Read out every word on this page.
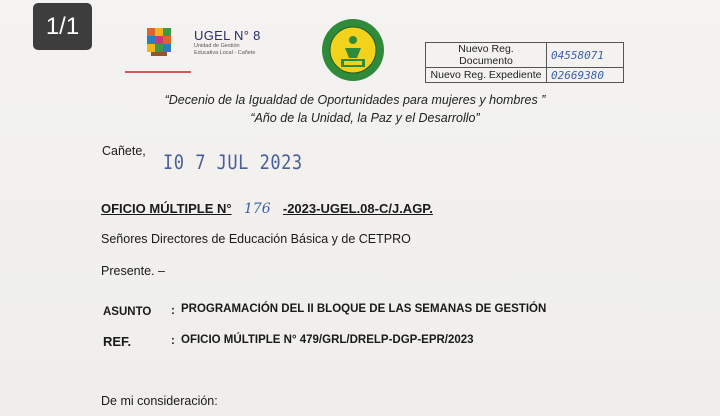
1/1	UGEL N° 8
Unidad de Gestión
Educativa Local - Cañete	Nuevo Reg. Documento	04558071
Nuevo Reg. Expediente	02669380
“Decenio de la Igualdad de Oportunidades para mujeres y hombres ”
“Año de la Unidad, la Paz y el Desarrollo”
Cañete,
I0 7 JUL 2023
OFICIO MÚLTIPLE N° 176 -2023-UGEL.08-C/J.AGP.
Señores Directores de Educación Básica y de CETPRO
Presente. –
ASUNTO : PROGRAMACIÓN DEL II BLOQUE DE LAS SEMANAS DE GESTIÓN
REF.	: OFICIO MÚLTIPLE N° 479/GRL/DRELP-DGP-EPR/2023
De mi consideración:
